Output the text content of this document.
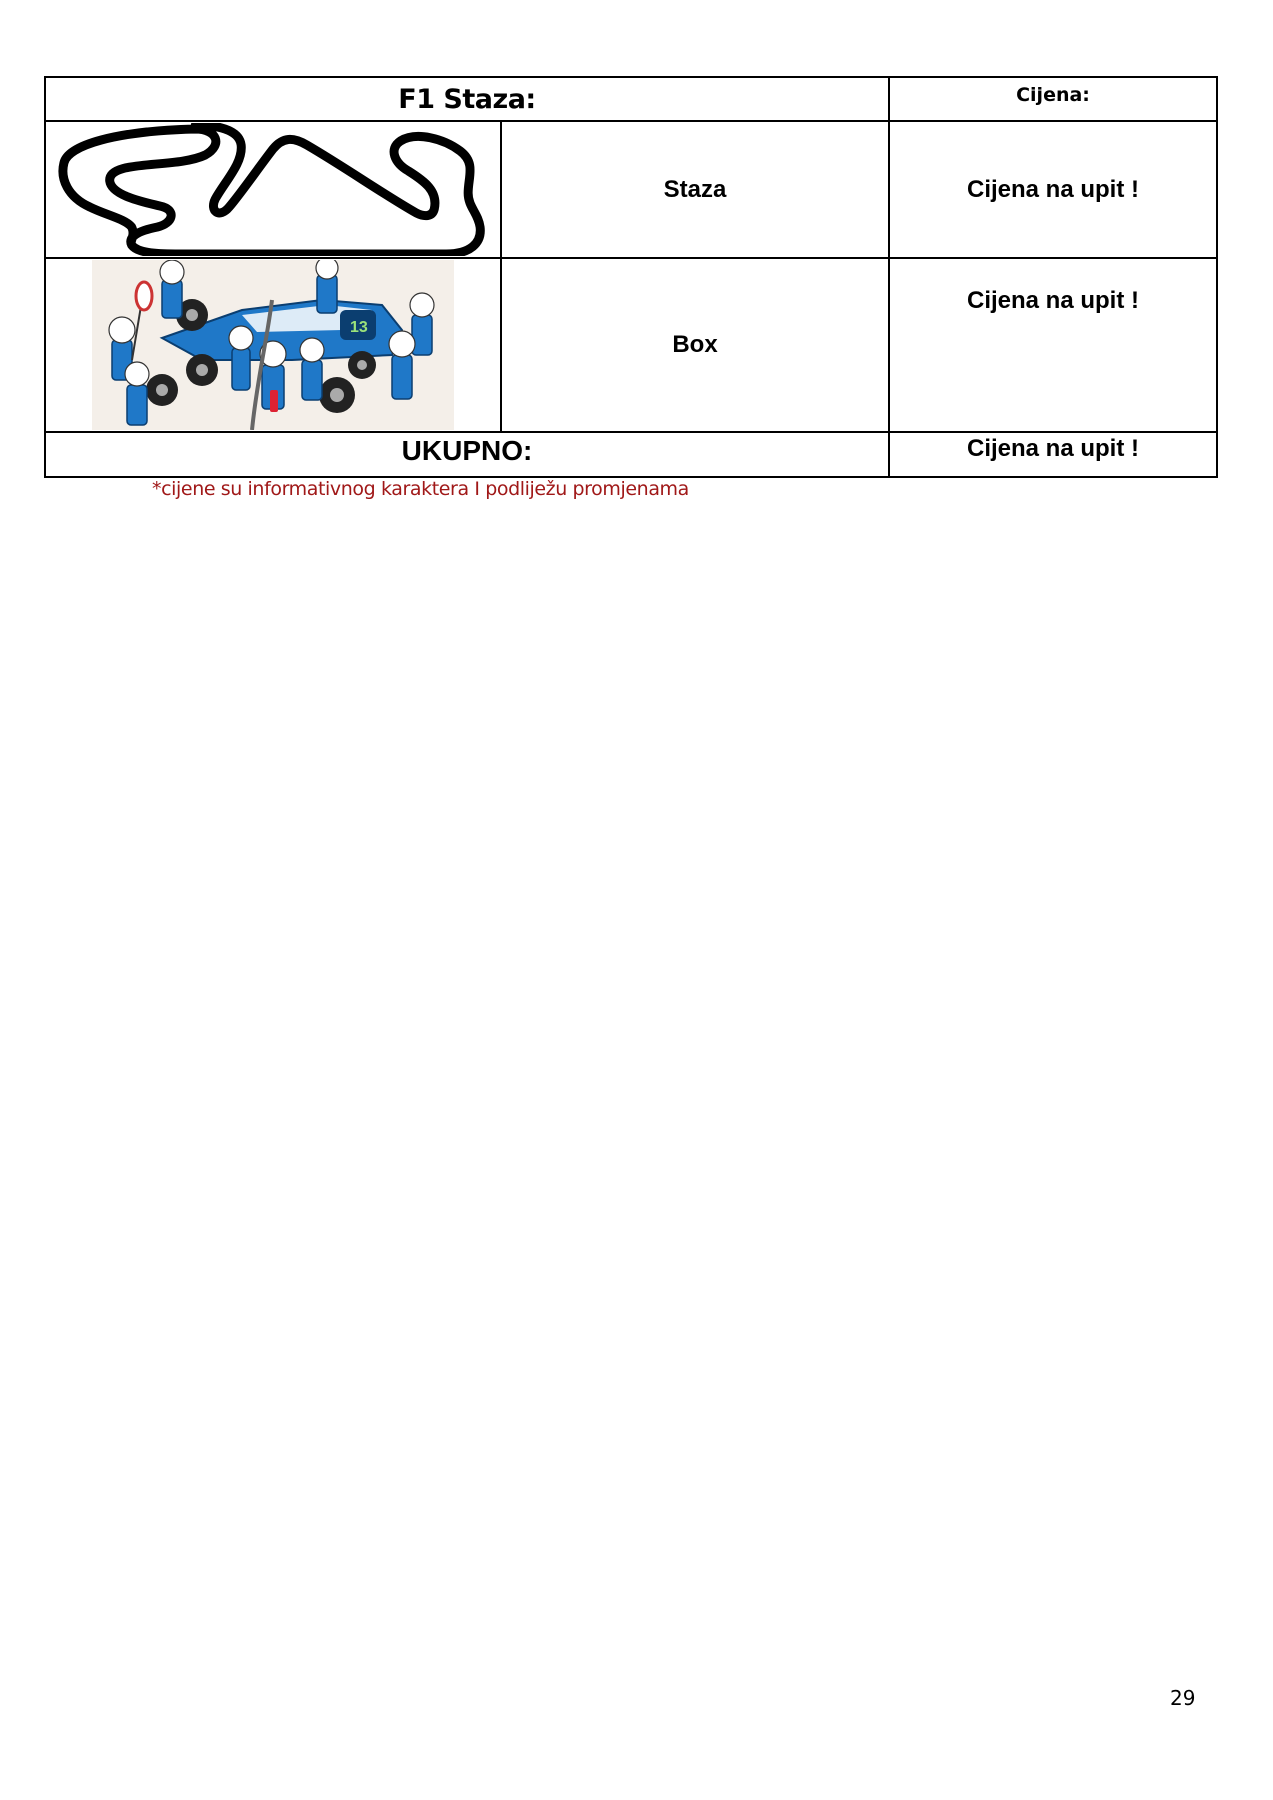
F1 Staza:		Cijena:

	Staza	Cijena na upit !

13	Box	Cijena na upit !
UKUPNO:		Cijena na upit !
*cijene su informativnog karaktera I podliježu promjenama
29
